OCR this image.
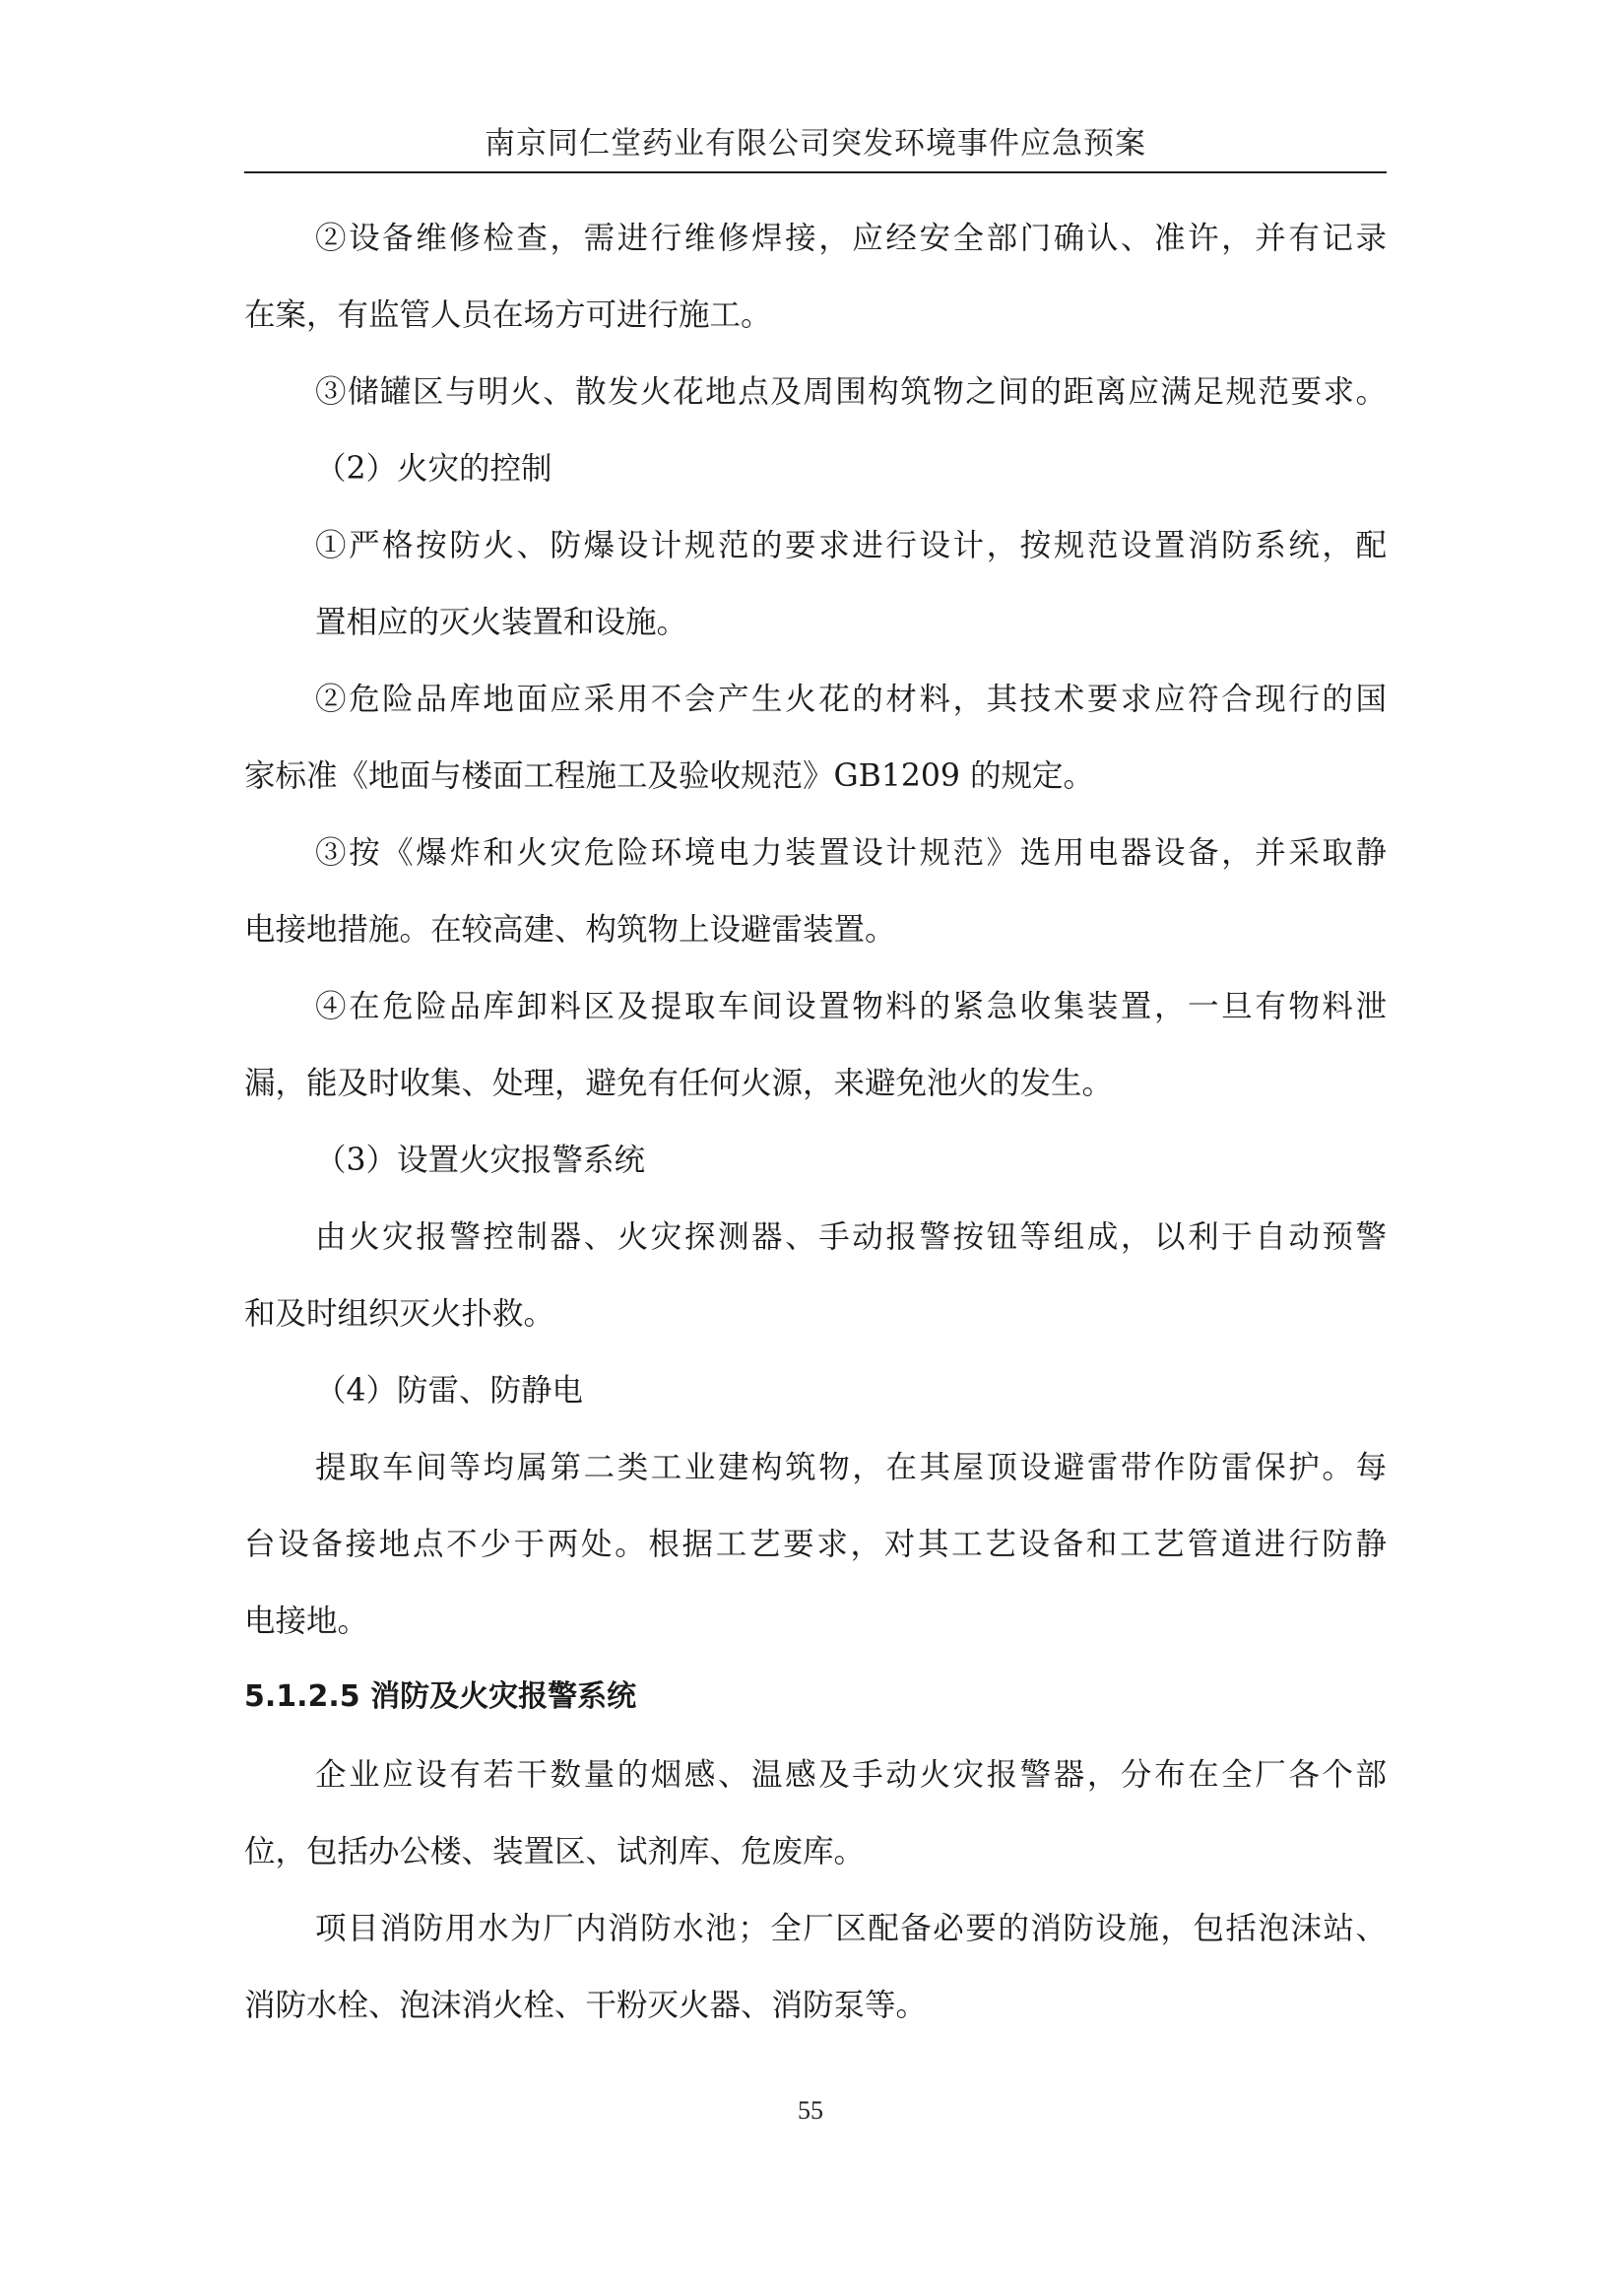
南京同仁堂药业有限公司突发环境事件应急预案
②设备维修检查，需进行维修焊接，应经安全部门确认、准许，并有记录
在案，有监管人员在场方可进行施工。
③储罐区与明火、散发火花地点及周围构筑物之间的距离应满足规范要求。
（2）火灾的控制
①严格按防火、防爆设计规范的要求进行设计，按规范设置消防系统，配
置相应的灭火装置和设施。
②危险品库地面应采用不会产生火花的材料，其技术要求应符合现行的国
家标准《地面与楼面工程施工及验收规范》GB1209 的规定。
③按《爆炸和火灾危险环境电力装置设计规范》选用电器设备，并采取静
电接地措施。在较高建、构筑物上设避雷装置。
④在危险品库卸料区及提取车间设置物料的紧急收集装置，一旦有物料泄
漏，能及时收集、处理，避免有任何火源，来避免池火的发生。
（3）设置火灾报警系统
由火灾报警控制器、火灾探测器、手动报警按钮等组成，以利于自动预警
和及时组织灭火扑救。
（4）防雷、防静电
提取车间等均属第二类工业建构筑物，在其屋顶设避雷带作防雷保护。每
台设备接地点不少于两处。根据工艺要求，对其工艺设备和工艺管道进行防静
电接地。
5.1.2.5 消防及火灾报警系统
企业应设有若干数量的烟感、温感及手动火灾报警器，分布在全厂各个部
位，包括办公楼、装置区、试剂库、危废库。
项目消防用水为厂内消防水池；全厂区配备必要的消防设施，包括泡沫站、
消防水栓、泡沫消火栓、干粉灭火器、消防泵等。
55
